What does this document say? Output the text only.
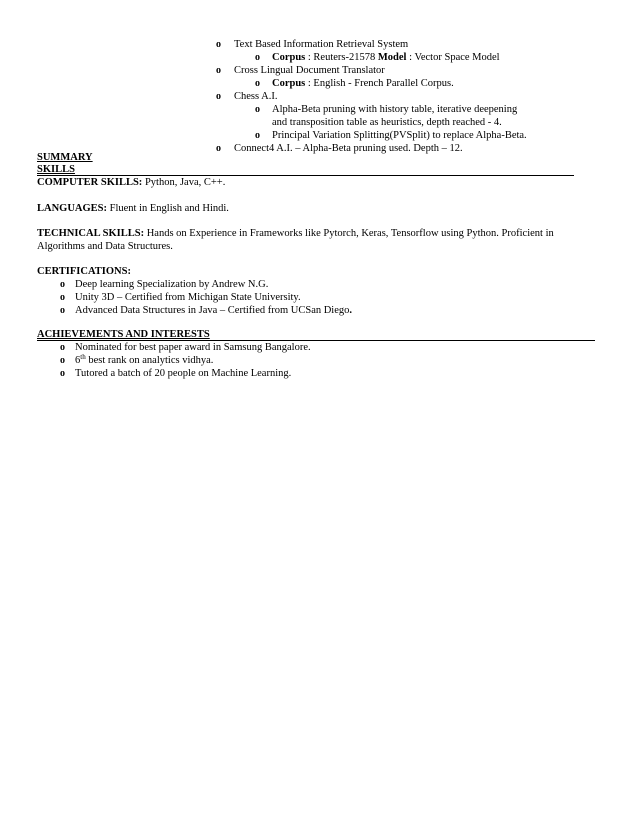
o Text Based Information Retrieval System
o Corpus : Reuters-21578 Model : Vector Space Model
o Cross Lingual Document Translator
o Corpus : English - French Parallel Corpus.
o Chess A.I.
o Alpha-Beta pruning with history table, iterative deepening
and transposition table as heuristics, depth reached - 4.
o Principal Variation Splitting(PVSplit) to replace Alpha-Beta.
o Connect4 A.I. – Alpha-Beta pruning used. Depth – 12.
SUMMARY
SKILLS
COMPUTER SKILLS: Python, Java, C++.
LANGUAGES: Fluent in English and Hindi.
TECHNICAL SKILLS: Hands on Experience in Frameworks like Pytorch, Keras, Tensorflow using Python. Proficient in
Algorithms and Data Structures.
CERTIFICATIONS:
o Deep learning Specialization by Andrew N.G.
o Unity 3D – Certified from Michigan State University.
o Advanced Data Structures in Java – Certified from UCSan Diego.
ACHIEVEMENTS AND INTERESTS
o Nominated for best paper award in Samsung Bangalore.
o 6th best rank on analytics vidhya.
o Tutored a batch of 20 people on Machine Learning.
